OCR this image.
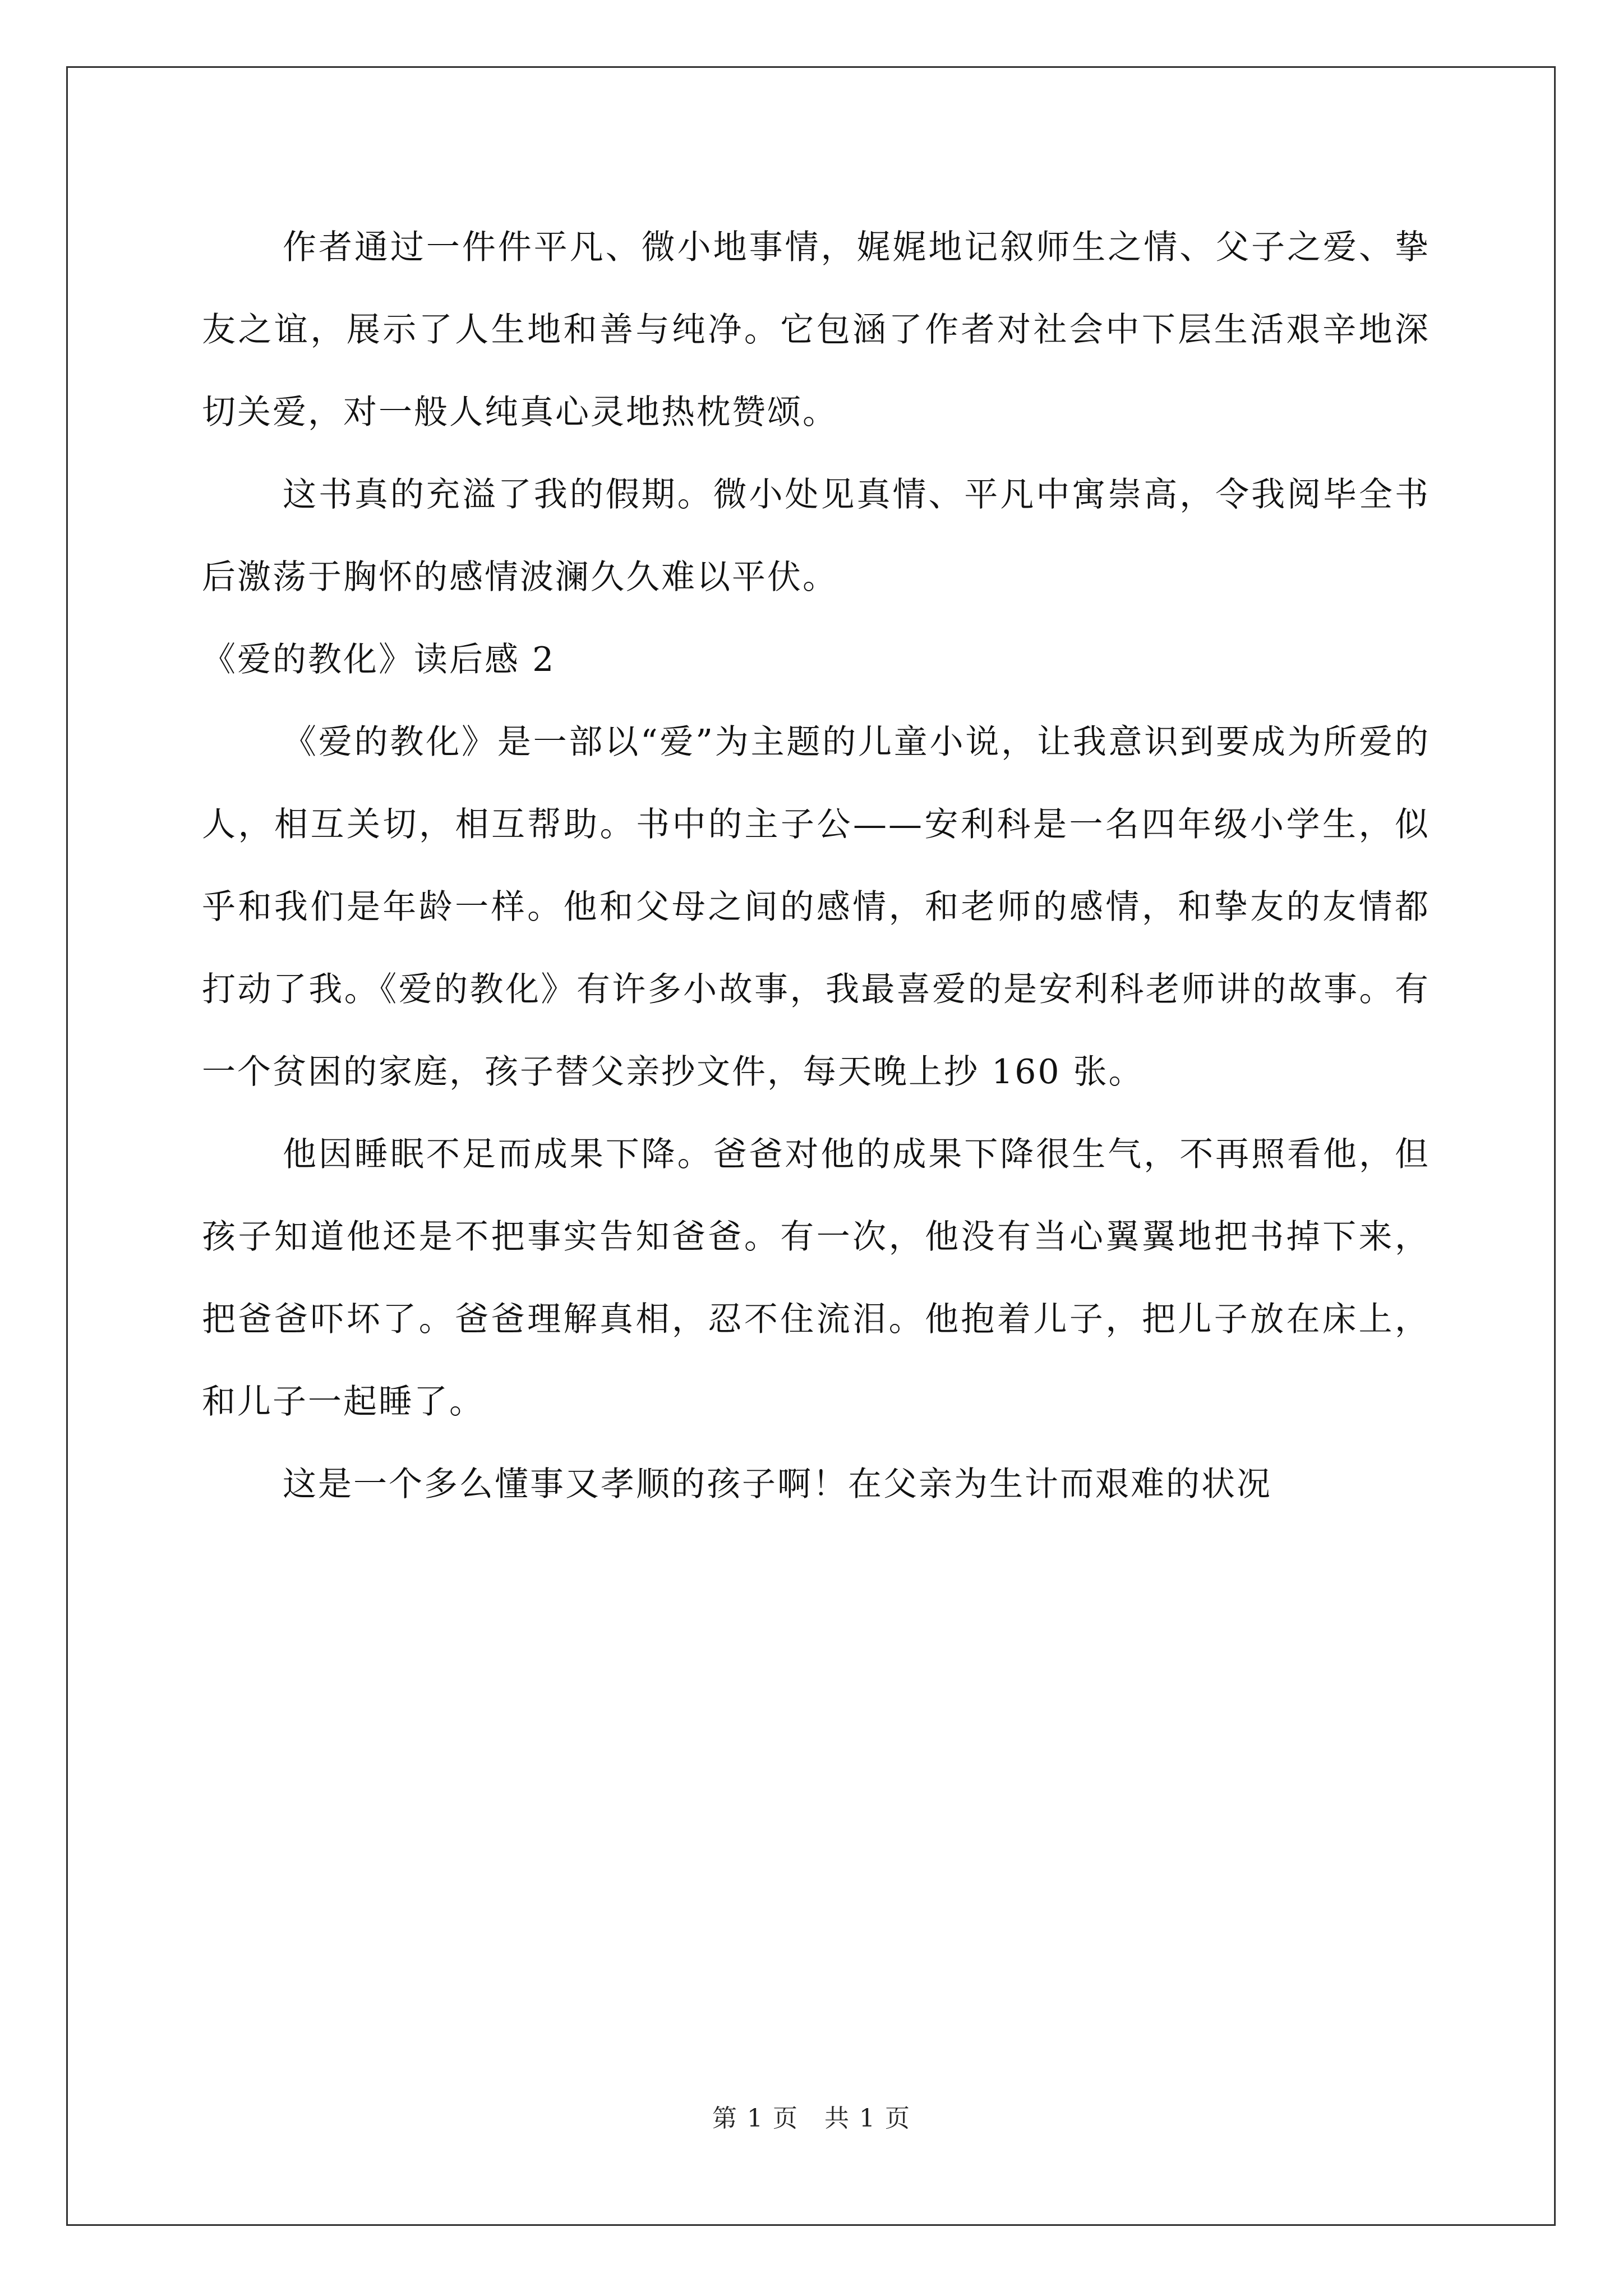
作者通过一件件平凡、微小地事情，娓娓地记叙师生之情、父子之爱、挚友之谊，展示了人生地和善与纯净。它包涵了作者对社会中下层生活艰辛地深切关爱，对一般人纯真心灵地热枕赞颂。

这书真的充溢了我的假期。微小处见真情、平凡中寓崇高，令我阅毕全书后激荡于胸怀的感情波澜久久难以平伏。

《爱的教化》读后感 2

《爱的教化》是一部以“爱”为主题的儿童小说，让我意识到要成为所爱的人，相互关切，相互帮助。书中的主子公——安利科是一名四年级小学生，似乎和我们是年龄一样。他和父母之间的感情，和老师的感情，和挚友的友情都打动了我。《爱的教化》有许多小故事，我最喜爱的是安利科老师讲的故事。有一个贫困的家庭，孩子替父亲抄文件，每天晚上抄 160 张。

他因睡眠不足而成果下降。爸爸对他的成果下降很生气，不再照看他，但孩子知道他还是不把事实告知爸爸。有一次，他没有当心翼翼地把书掉下来，把爸爸吓坏了。爸爸理解真相，忍不住流泪。他抱着儿子，把儿子放在床上，和儿子一起睡了。

这是一个多么懂事又孝顺的孩子啊！在父亲为生计而艰难的状况

第 1 页　共 1 页
